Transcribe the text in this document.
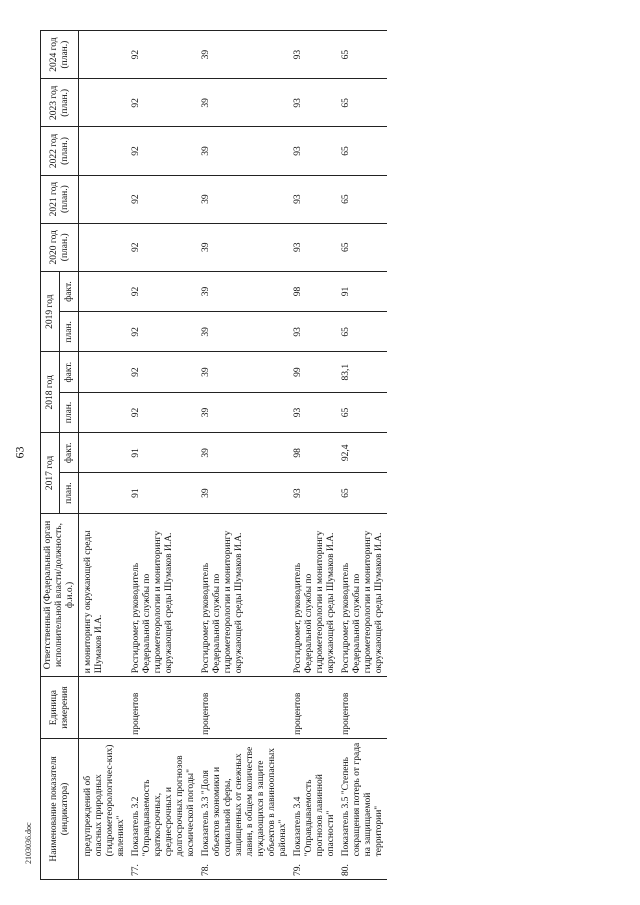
63
Наименование показателя (индикатора)		Единица измерения	Ответственный (Федеральный орган исполнительной власти/должность, ф.и.о.)	2017 год		2018 год		2019 год		2020 год (план.)	2021 год (план.)	2022 год (план.)	2023 год (план.)	2024 год (план.)
				план.	факт.	план.	факт.	план.	факт.					
	предупреждений об опасных природных (гидрометеорологичес-ких) явлениях"		и мониторингу окружающей среды Шумаков И.А.											
77.	Показатель 3.2 "Оправдываемость краткосрочных, среднесрочных и долгосрочных прогнозов космической погоды"	процентов	Росгидромет, руководитель Федеральной службы по гидрометеорологии и мониторингу окружающей среды Шумаков И.А.	91	91	92	92	92	92	92	92	92	92	92
78.	Показатель 3.3 "Доля объектов экономики и социальной сферы, защищенных от снежных лавин, в общем количестве нуждающихся в защите объектов в лавиноопасных районах"	процентов	Росгидромет, руководитель Федеральной службы по гидрометеорологии и мониторингу окружающей среды Шумаков И.А.	39	39	39	39	39	39	39	39	39	39	39
79.	Показатель 3.4 "Оправдываемость прогнозов лавинной опасности"	процентов	Росгидромет, руководитель Федеральной службы по гидрометеорологии и мониторингу окружающей среды Шумаков И.А.	93	98	93	99	93	98	93	93	93	93	93
80.	Показатель 3.5 "Степень сокращения потерь от града на защищаемой территории"	процентов	Росгидромет, руководитель Федеральной службы по гидрометеорологии и мониторингу окружающей среды Шумаков И.А.	65	92,4	65	83,1	65	91	65	65	65	65	65
2103036.doc
